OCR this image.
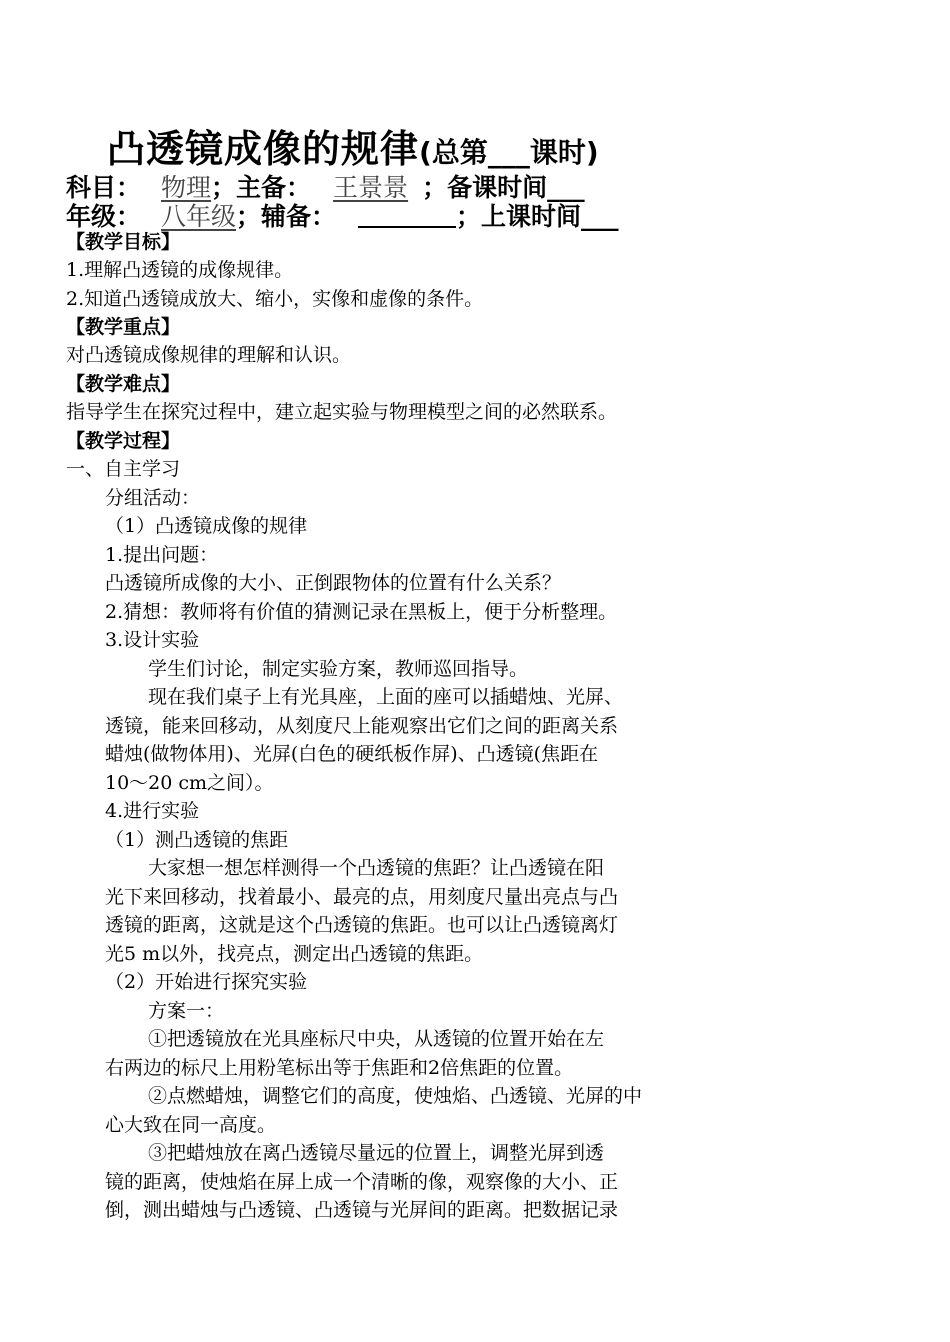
凸透镜成像的规律(总第___课时)
科目： 物理；主备： 王景景 ；备课时间___
年级： 八年级；辅备：	；上课时间___
【教学目标】
1.理解凸透镜的成像规律。
2.知道凸透镜成放大、缩小，实像和虚像的条件。
【教学重点】
对凸透镜成像规律的理解和认识。
【教学难点】
指导学生在探究过程中，建立起实验与物理模型之间的必然联系。
【教学过程】
一、自主学习
分组活动：
（1）凸透镜成像的规律
1.提出问题：
凸透镜所成像的大小、正倒跟物体的位置有什么关系？
2.猜想：教师将有价值的猜测记录在黑板上，便于分析整理。
3.设计实验
学生们讨论，制定实验方案，教师巡回指导。
现在我们桌子上有光具座，上面的座可以插蜡烛、光屏、
透镜，能来回移动，从刻度尺上能观察出它们之间的距离关系
蜡烛(做物体用)、光屏(白色的硬纸板作屏)、凸透镜(焦距在
10～20 cm之间）。
4.进行实验
（1）测凸透镜的焦距
大家想一想怎样测得一个凸透镜的焦距？让凸透镜在阳
光下来回移动，找着最小、最亮的点，用刻度尺量出亮点与凸
透镜的距离，这就是这个凸透镜的焦距。也可以让凸透镜离灯
光5 m以外，找亮点，测定出凸透镜的焦距。
（2）开始进行探究实验
方案一：
①把透镜放在光具座标尺中央，从透镜的位置开始在左
右两边的标尺上用粉笔标出等于焦距和2倍焦距的位置。
②点燃蜡烛，调整它们的高度，使烛焰、凸透镜、光屏的中
心大致在同一高度。
③把蜡烛放在离凸透镜尽量远的位置上，调整光屏到透
镜的距离，使烛焰在屏上成一个清晰的像，观察像的大小、正
倒，测出蜡烛与凸透镜、凸透镜与光屏间的距离。把数据记录
